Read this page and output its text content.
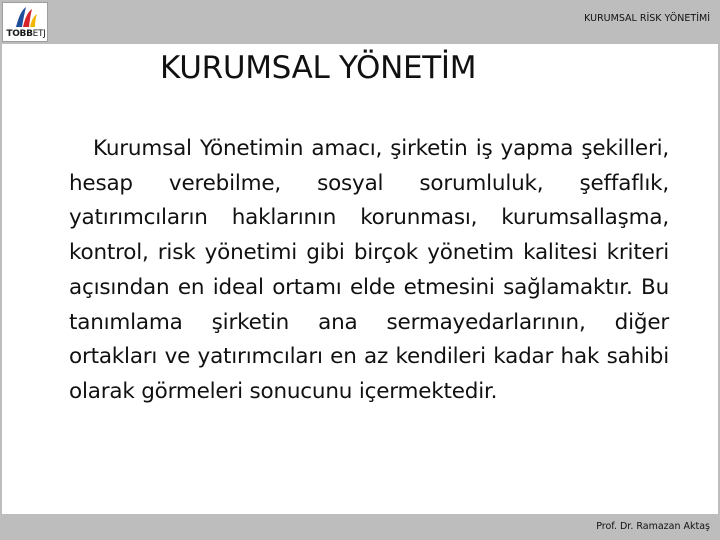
TOBBETJ
KURUMSAL RİSK YÖNETİMİ
KURUMSAL YÖNETİM

Kurumsal Yönetimin amacı, şirketin iş yapma şekilleri, hesap verebilme, sosyal sorumluluk, şeffaflık, yatırımcıların haklarının korunması, kurumsallaşma, kontrol, risk yönetimi gibi birçok yönetim kalitesi kriteri açısından en ideal ortamı elde etmesini sağlamaktır. Bu tanımlama şirketin ana sermayedarlarının, diğer ortakları ve yatırımcıları en az kendileri kadar hak sahibi olarak görmeleri sonucunu içermektedir.

Prof. Dr. Ramazan Aktaş
